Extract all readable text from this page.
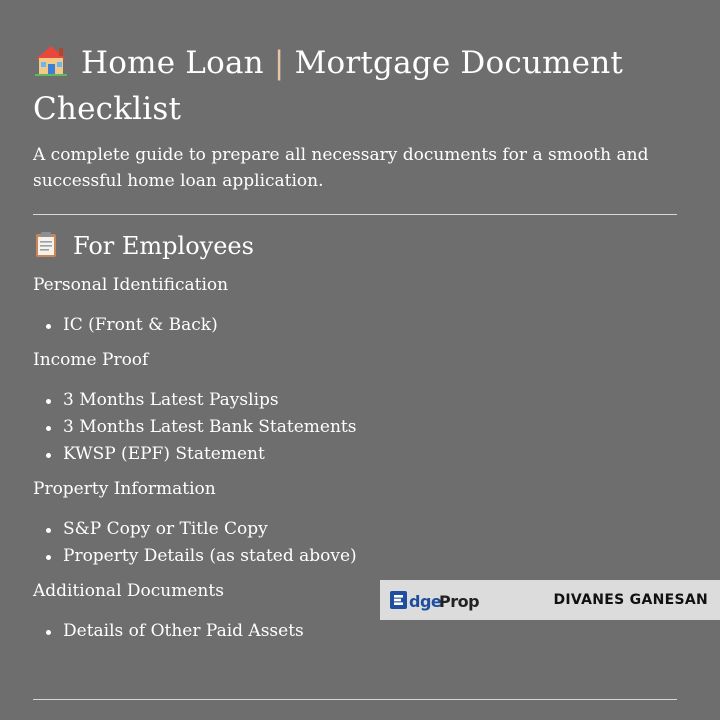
Home Loan | Mortgage Document Checklist

A complete guide to prepare all necessary documents for a smooth and successful home loan application.

For Employees

Personal Identification

IC (Front & Back)

Income Proof

3 Months Latest Payslips
3 Months Latest Bank Statements
KWSP (EPF) Statement

Property Information

S&P Copy or Title Copy
Property Details (as stated above)

Additional Documents

Details of Other Paid Assets
dge
Prop	DIVANES GANESAN
